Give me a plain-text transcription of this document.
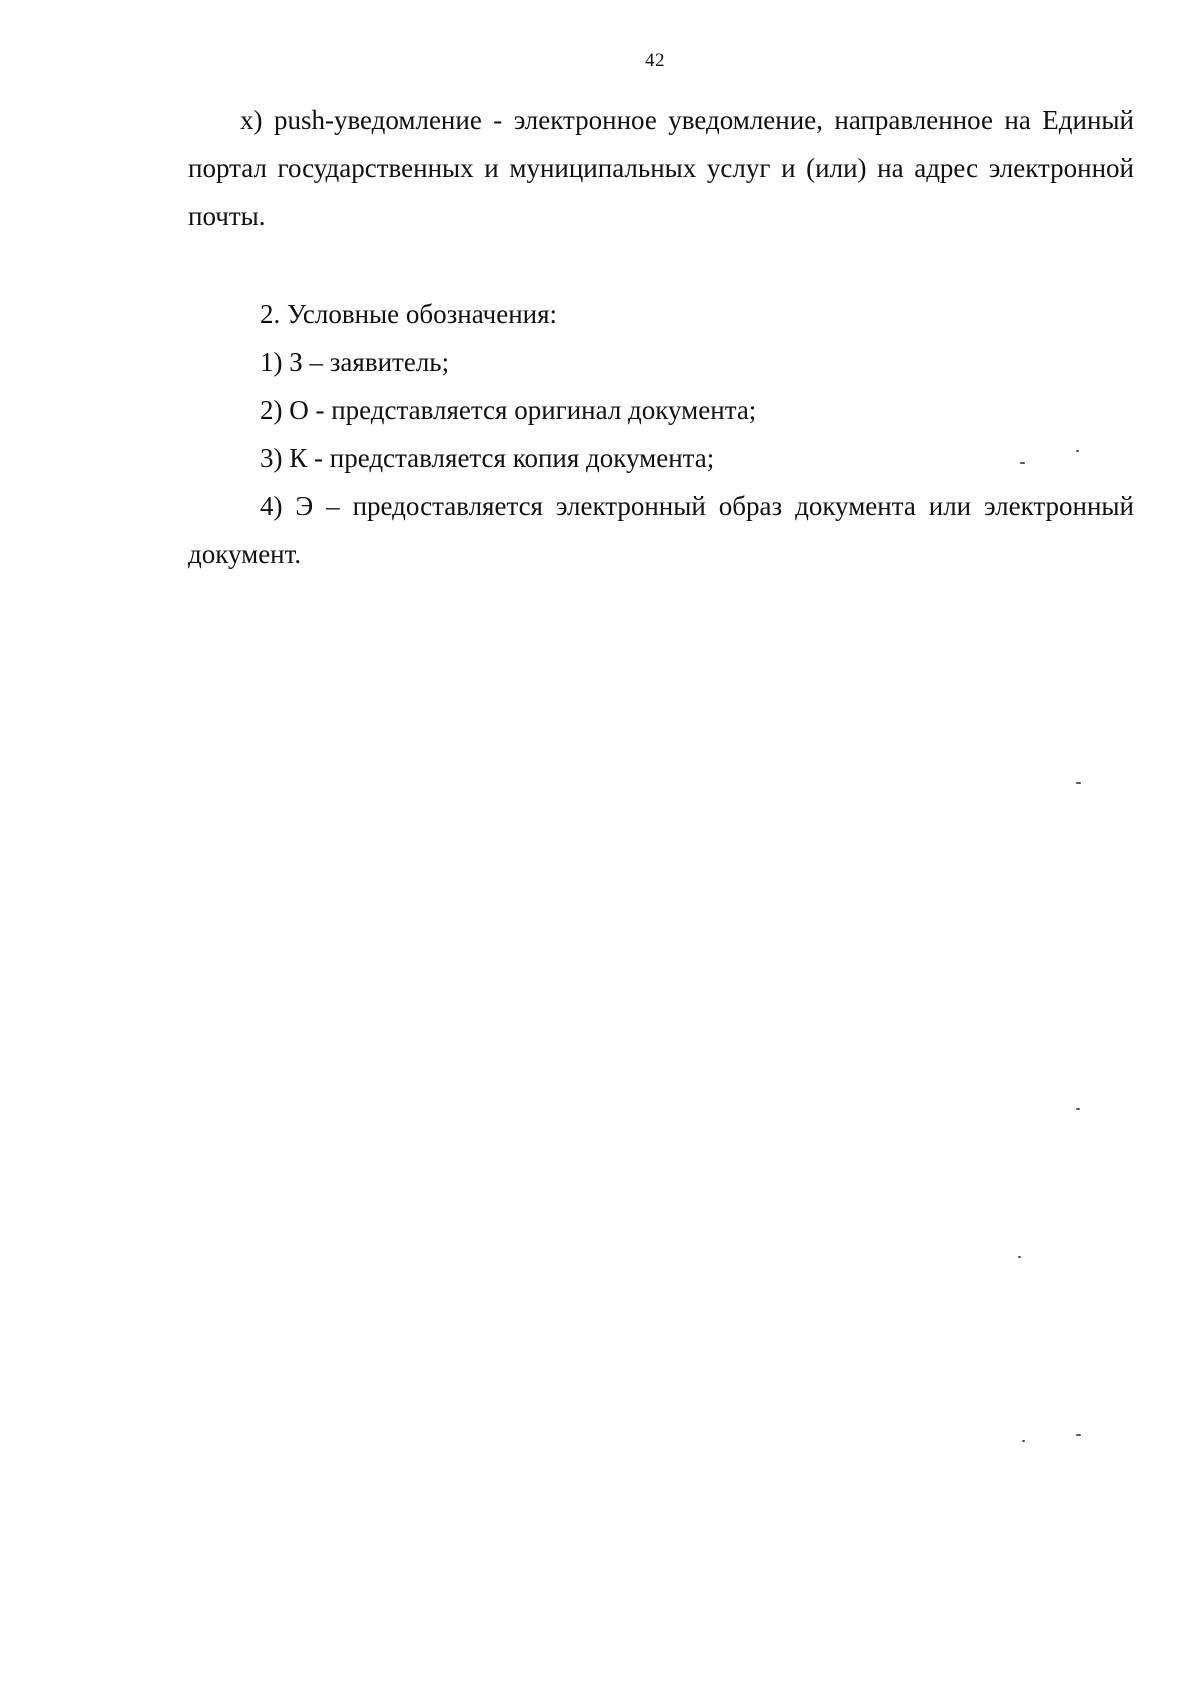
42

х) push-уведомление - электронное уведомление, направленное на Единый портал государственных и муниципальных услуг и (или) на адрес электронной почты.

2. Условные обозначения:

1) З – заявитель;

2) О - представляется оригинал документа;

3) К - представляется копия документа;

4) Э – предоставляется электронный образ документа или электронный документ.
